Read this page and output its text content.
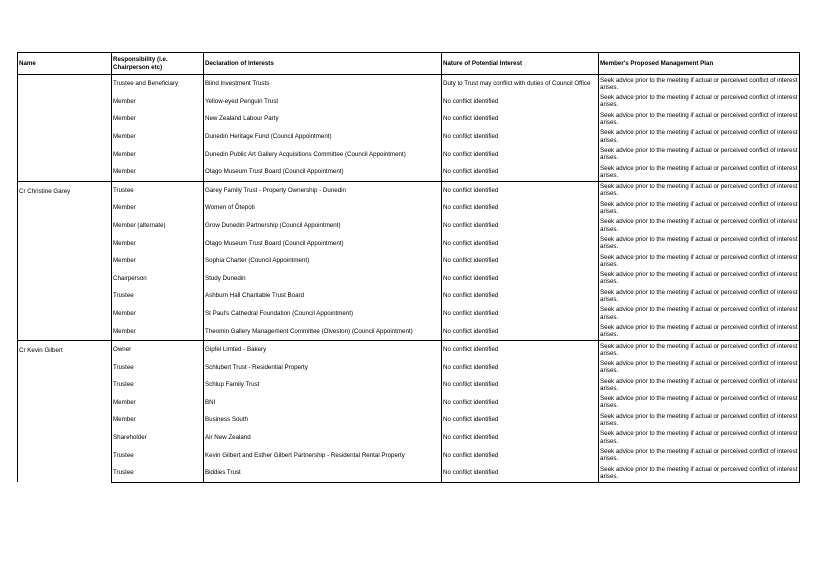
Name	Responsibility (i.e. Chairperson etc)	Declaration of Interests	Nature of Potential Interest	Member's Proposed Management Plan

	Trustee and Beneficiary	Blind Investment Trusts	Duty to Trust may conflict with duties of Council Office	Seek advice prior to the meeting if actual or perceived conflict of interest arises.
	Member	Yellow-eyed Penguin Trust	No conflict identified	Seek advice prior to the meeting if actual or perceived conflict of interest arises.
	Member	New Zealand Labour Party	No conflict identified	Seek advice prior to the meeting if actual or perceived conflict of interest arises.
	Member	Dunedin Heritage Fund (Council Appointment)	No conflict identified	Seek advice prior to the meeting if actual or perceived conflict of interest arises.
	Member	Dunedin Public Art Gallery Acquisitions Committee (Council Appointment)	No conflict identified	Seek advice prior to the meeting if actual or perceived conflict of interest arises.
	Member	Otago Museum Trust Board (Council Appointment)	No conflict identified	Seek advice prior to the meeting if actual or perceived conflict of interest arises.

Cr Christine Garey	Trustee	Garey Family Trust - Property Ownership - Dunedin	No conflict identified	Seek advice prior to the meeting if actual or perceived conflict of interest arises.
	Member	Women of Ōtepoti	No conflict identified	Seek advice prior to the meeting if actual or perceived conflict of interest arises.
	Member (alternate)	Grow Dunedin Partnership (Council Appointment)	No conflict identified	Seek advice prior to the meeting if actual or perceived conflict of interest arises.
	Member	Otago Museum Trust Board (Council Appointment)	No conflict identified	Seek advice prior to the meeting if actual or perceived conflict of interest arises.
	Member	Sophia Charter (Council Appointment)	No conflict identified	Seek advice prior to the meeting if actual or perceived conflict of interest arises.
	Chairperson	Study Dunedin	No conflict identified	Seek advice prior to the meeting if actual or perceived conflict of interest arises.
	Trustee	Ashburn Hall Charitable Trust Board	No conflict identified	Seek advice prior to the meeting if actual or perceived conflict of interest arises.
	Member	St Paul's Cathedral Foundation (Council Appointment)	No conflict identified	Seek advice prior to the meeting if actual or perceived conflict of interest arises.
	Member	Theomin Gallery Management Committee (Olveston) (Council Appointment)	No conflict identified	Seek advice prior to the meeting if actual or perceived conflict of interest arises.

Cr Kevin Gilbert	Owner	Gipfel Limted - Bakery	No conflict identified	Seek advice prior to the meeting if actual or perceived conflict of interest arises.
	Trustee	Schlubert Trust - Residential Property	No conflict identified	Seek advice prior to the meeting if actual or perceived conflict of interest arises.
	Trustee	Schlup Family Trust	No conflict identified	Seek advice prior to the meeting if actual or perceived conflict of interest arises.
	Member	BNI	No conflict identified	Seek advice prior to the meeting if actual or perceived conflict of interest arises.
	Member	Business South	No conflict identified	Seek advice prior to the meeting if actual or perceived conflict of interest arises.
	Shareholder	Air New Zealand	No conflict identified	Seek advice prior to the meeting if actual or perceived conflict of interest arises.
	Trustee	Kevin Gilbert and Esther Gilbert Partnership - Residental Rental Property	No conflict identified	Seek advice prior to the meeting if actual or perceived conflict of interest arises.
	Trustee	Biddies Trust	No conflict identified	Seek advice prior to the meeting if actual or perceived conflict of interest arises.
